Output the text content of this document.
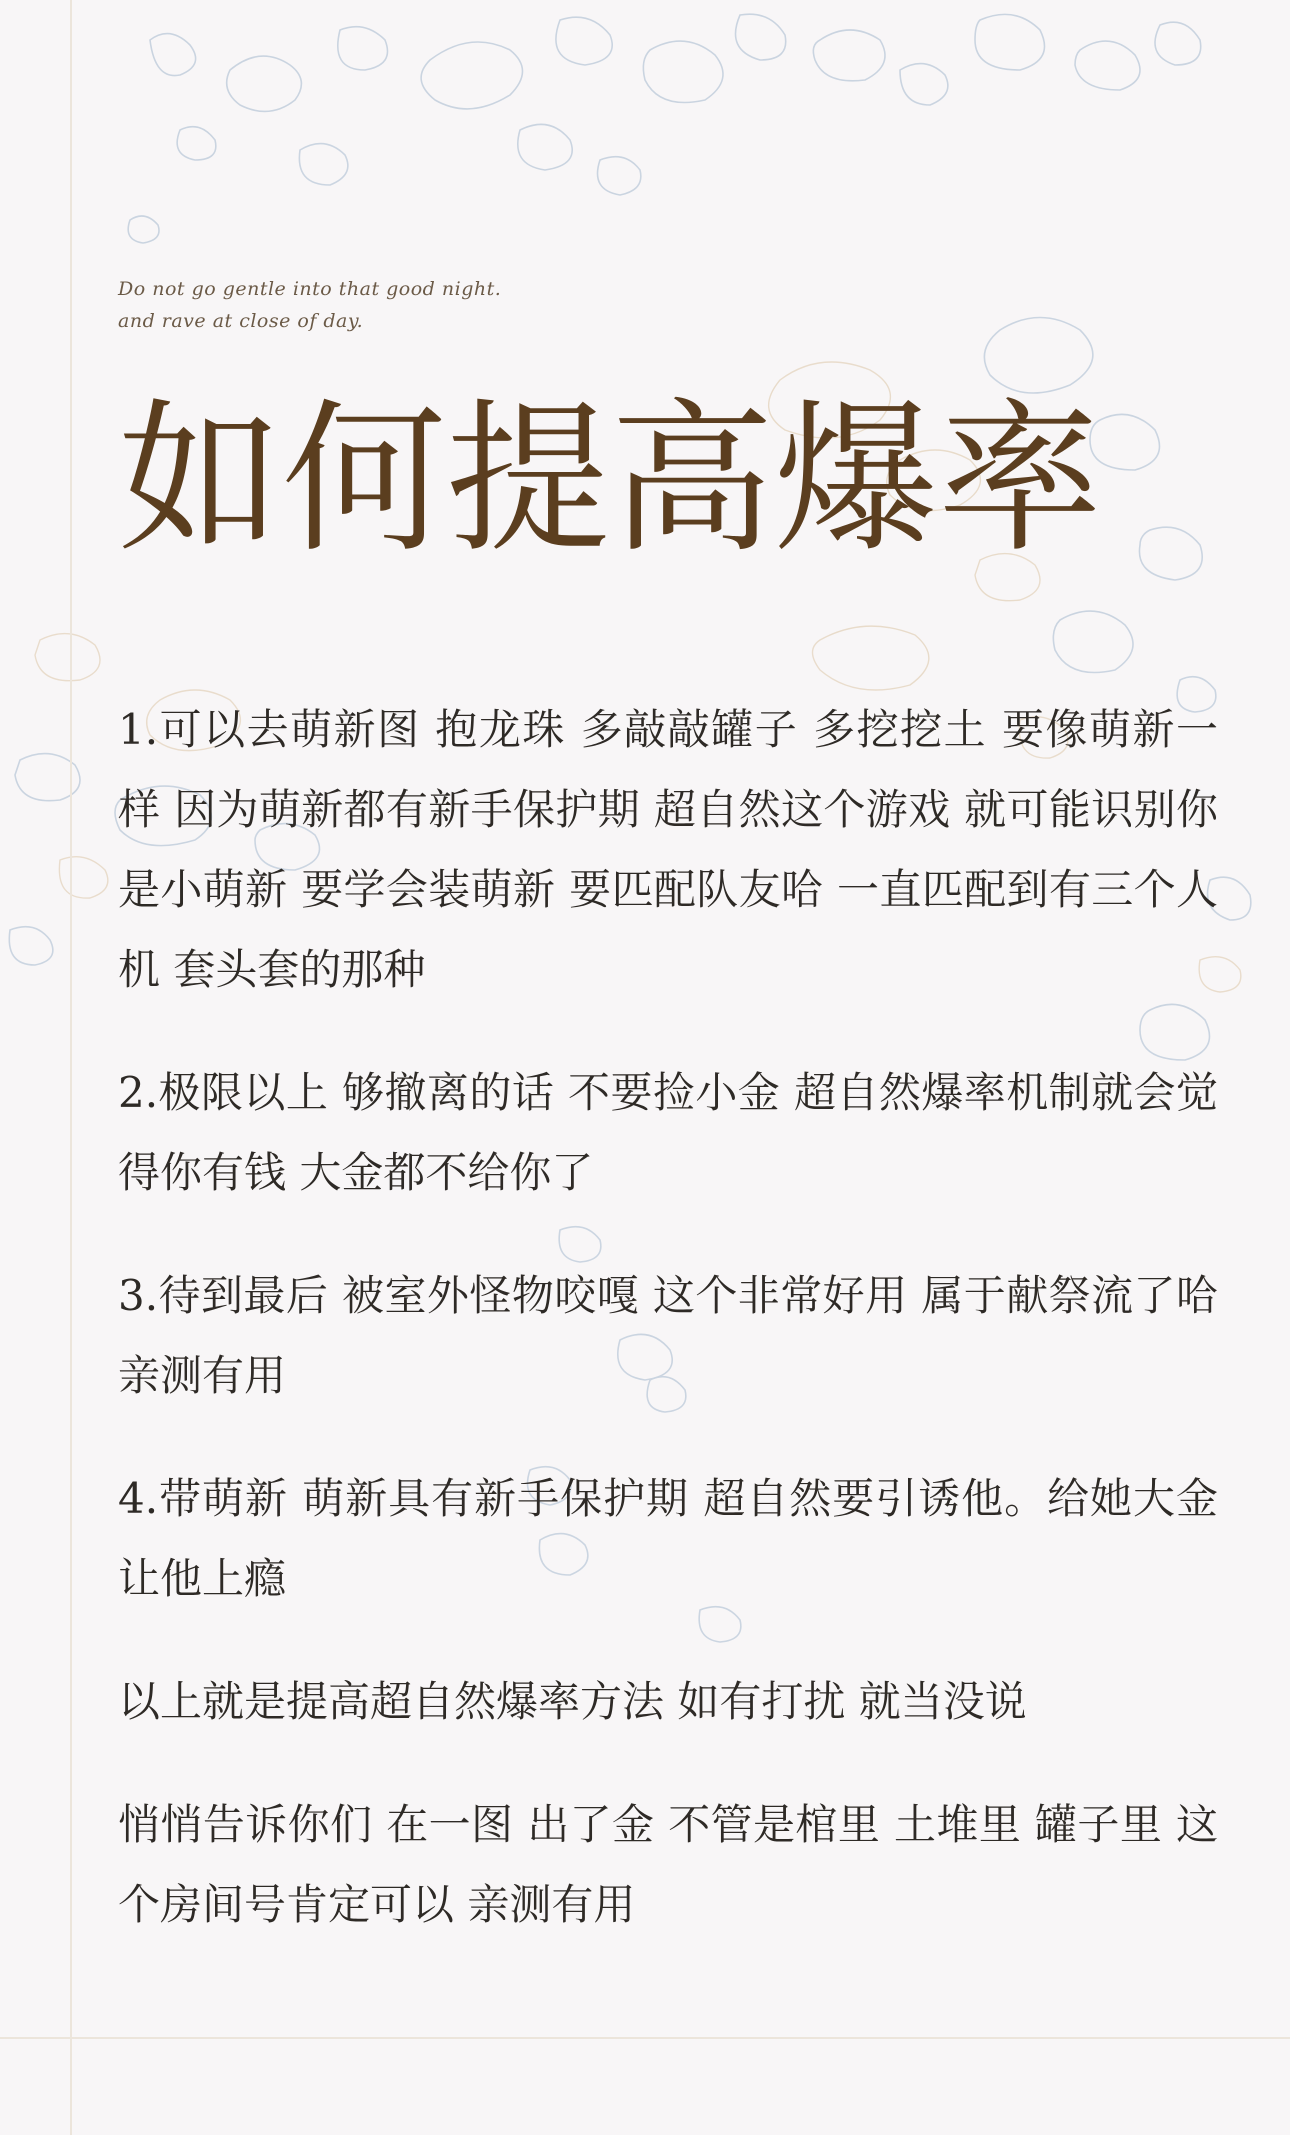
Do not go gentle into that good night.
and rave at close of day.
如何提高爆率

1.可以去萌新图 抱龙珠 多敲敲罐子 多挖挖土 要像萌新一样 因为萌新都有新手保护期 超自然这个游戏 就可能识别你是小萌新 要学会装萌新 要匹配队友哈 一直匹配到有三个人机 套头套的那种

2.极限以上 够撤离的话 不要捡小金 超自然爆率机制就会觉得你有钱 大金都不给你了

3.待到最后 被室外怪物咬嘎 这个非常好用 属于献祭流了哈 亲测有用

4.带萌新 萌新具有新手保护期 超自然要引诱他。给她大金 让他上瘾

以上就是提高超自然爆率方法 如有打扰 就当没说

悄悄告诉你们 在一图 出了金 不管是棺里 土堆里 罐子里 这个房间号肯定可以 亲测有用
